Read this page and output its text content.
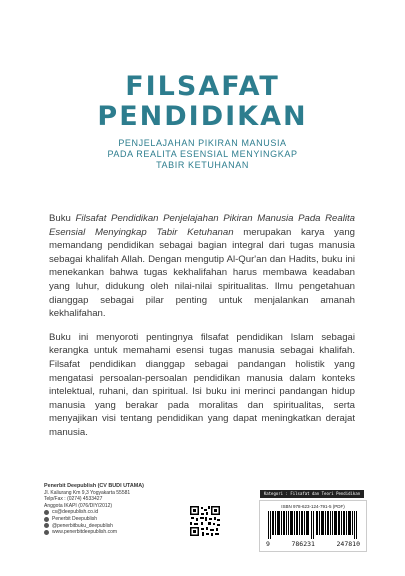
FILSAFAT
PENDIDIKAN
PENJELAJAHAN PIKIRAN MANUSIA
PADA REALITA ESENSIAL MENYINGKAP
TABIR KETUHANAN

Buku Filsafat Pendidikan Penjelajahan Pikiran Manusia Pada Realita Esensial Menyingkap Tabir Ketuhanan merupakan karya yang memandang pendidikan sebagai bagian integral dari tugas manusia sebagai khalifah Allah. Dengan mengutip Al-Qur'an dan Hadits, buku ini menekankan bahwa tugas kekhalifahan harus membawa keadaban yang luhur, didukung oleh nilai-nilai spiritualitas. Ilmu pengetahuan dianggap sebagai pilar penting untuk menjalankan amanah kekhalifahan.

Buku ini menyoroti pentingnya filsafat pendidikan Islam sebagai kerangka untuk memahami esensi tugas manusia sebagai khalifah. Filsafat pendidikan dianggap sebagai pandangan holistik yang mengatasi persoalan-persoalan pendidikan manusia dalam konteks intelektual, ruhani, dan spiritual. Isi buku ini merinci pandangan hidup manusia yang berakar pada moralitas dan spiritualitas, serta menyajikan visi tentang pendidikan yang dapat meningkatkan derajat manusia.

Penerbit Deepublish (CV BUDI UTAMA)
Jl. Kaliurang Km 9,3 Yogyakarta 55581
Telp/Fax : (0274) 4533427
Anggota IKAPI (076/DIY/2012)
cs@deepublish.co.id
Penerbit Deepublish
@penerbitbuku_deepublish
www.penerbitdeepublish.com
Kategori : Filsafat dan Teori Pendidikan
ISBN 978-623-124-791-5 (PDF)
9	786231	247810
